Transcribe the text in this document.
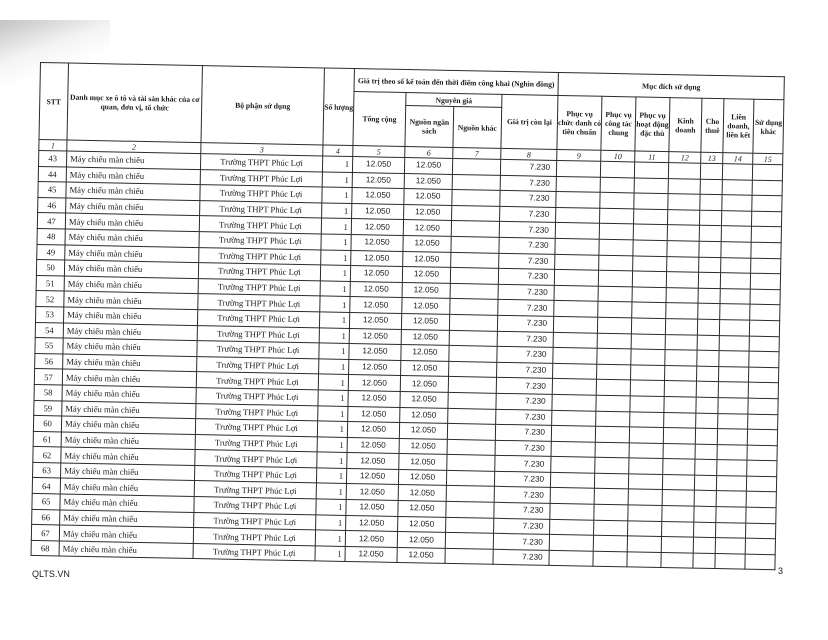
STT	Danh mục xe ô tô và tài sản khác của cơ quan, đơn vị, tổ chức	Bộ phận sử dụng	Số lượng	Giá trị theo số kế toán đến thời điểm công khai (Nghìn đồng)				Mục đích sử dụng						
				Tổng cộng	Nguyên giá		Giá trị còn lại	Phục vụ chức danh có tiêu chuẩn	Phục vụ công tác chung	Phục vụ hoạt động đặc thù	Kinh doanh	Cho thuê	Liên doanh, liên kết	Sử dụng khác
					Nguồn ngân sách	Nguồn khác								
1	2	3	4	5	6	7	8	9	10	11	12	13	14	15
43	Máy chiếu màn chiếu	Trường THPT Phúc Lợi	1	12.050	12.050		7.230							
44	Máy chiếu màn chiếu	Trường THPT Phúc Lợi	1	12.050	12.050		7.230							
45	Máy chiếu màn chiếu	Trường THPT Phúc Lợi	1	12.050	12.050		7.230							
46	Máy chiếu màn chiếu	Trường THPT Phúc Lợi	1	12.050	12.050		7.230							
47	Máy chiếu màn chiếu	Trường THPT Phúc Lợi	1	12.050	12.050		7.230							
48	Máy chiếu màn chiếu	Trường THPT Phúc Lợi	1	12.050	12.050		7.230							
49	Máy chiếu màn chiếu	Trường THPT Phúc Lợi	1	12.050	12.050		7.230							
50	Máy chiếu màn chiếu	Trường THPT Phúc Lợi	1	12.050	12.050		7.230							
51	Máy chiếu màn chiếu	Trường THPT Phúc Lợi	1	12.050	12.050		7.230							
52	Máy chiếu màn chiếu	Trường THPT Phúc Lợi	1	12.050	12.050		7.230							
53	Máy chiếu màn chiếu	Trường THPT Phúc Lợi	1	12.050	12.050		7.230							
54	Máy chiếu màn chiếu	Trường THPT Phúc Lợi	1	12.050	12.050		7.230							
55	Máy chiếu màn chiếu	Trường THPT Phúc Lợi	1	12.050	12.050		7.230							
56	Máy chiếu màn chiếu	Trường THPT Phúc Lợi	1	12.050	12.050		7.230							
57	Máy chiếu màn chiếu	Trường THPT Phúc Lợi	1	12.050	12.050		7.230							
58	Máy chiếu màn chiếu	Trường THPT Phúc Lợi	1	12.050	12.050		7.230							
59	Máy chiếu màn chiếu	Trường THPT Phúc Lợi	1	12.050	12.050		7.230							
60	Máy chiếu màn chiếu	Trường THPT Phúc Lợi	1	12.050	12.050		7.230							
61	Máy chiếu màn chiếu	Trường THPT Phúc Lợi	1	12.050	12.050		7.230							
62	Máy chiếu màn chiếu	Trường THPT Phúc Lợi	1	12.050	12.050		7.230							
63	Máy chiếu màn chiếu	Trường THPT Phúc Lợi	1	12.050	12.050		7.230							
64	Máy chiếu màn chiếu	Trường THPT Phúc Lợi	1	12.050	12.050		7.230							
65	Máy chiếu màn chiếu	Trường THPT Phúc Lợi	1	12.050	12.050		7.230							
66	Máy chiếu màn chiếu	Trường THPT Phúc Lợi	1	12.050	12.050		7.230							
67	Máy chiếu màn chiếu	Trường THPT Phúc Lợi	1	12.050	12.050		7.230							
68	Máy chiếu màn chiếu	Trường THPT Phúc Lợi	1	12.050	12.050		7.230							
QLTS.VN	3
